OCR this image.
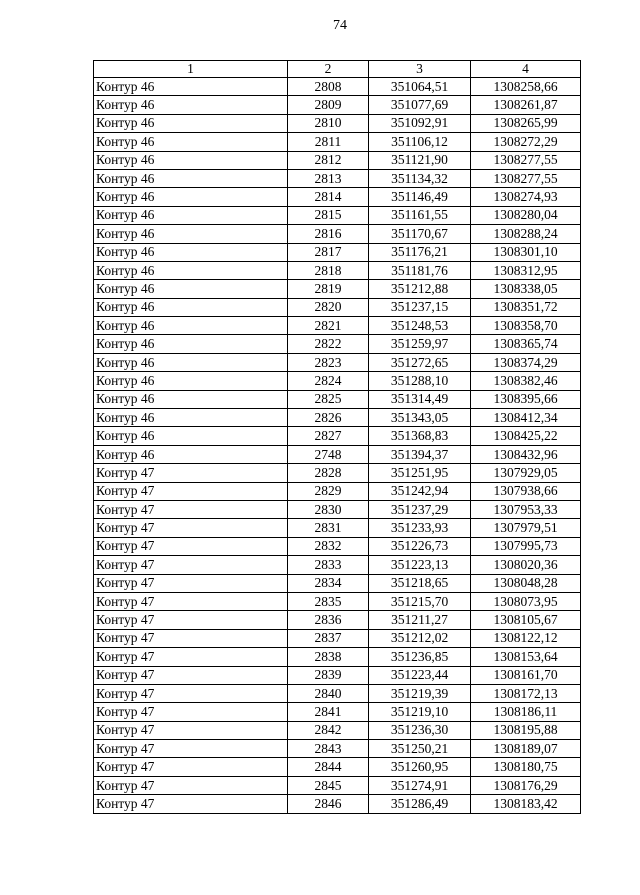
74
1	2	3	4
Контур 46	2808	351064,51	1308258,66
Контур 46	2809	351077,69	1308261,87
Контур 46	2810	351092,91	1308265,99
Контур 46	2811	351106,12	1308272,29
Контур 46	2812	351121,90	1308277,55
Контур 46	2813	351134,32	1308277,55
Контур 46	2814	351146,49	1308274,93
Контур 46	2815	351161,55	1308280,04
Контур 46	2816	351170,67	1308288,24
Контур 46	2817	351176,21	1308301,10
Контур 46	2818	351181,76	1308312,95
Контур 46	2819	351212,88	1308338,05
Контур 46	2820	351237,15	1308351,72
Контур 46	2821	351248,53	1308358,70
Контур 46	2822	351259,97	1308365,74
Контур 46	2823	351272,65	1308374,29
Контур 46	2824	351288,10	1308382,46
Контур 46	2825	351314,49	1308395,66
Контур 46	2826	351343,05	1308412,34
Контур 46	2827	351368,83	1308425,22
Контур 46	2748	351394,37	1308432,96
Контур 47	2828	351251,95	1307929,05
Контур 47	2829	351242,94	1307938,66
Контур 47	2830	351237,29	1307953,33
Контур 47	2831	351233,93	1307979,51
Контур 47	2832	351226,73	1307995,73
Контур 47	2833	351223,13	1308020,36
Контур 47	2834	351218,65	1308048,28
Контур 47	2835	351215,70	1308073,95
Контур 47	2836	351211,27	1308105,67
Контур 47	2837	351212,02	1308122,12
Контур 47	2838	351236,85	1308153,64
Контур 47	2839	351223,44	1308161,70
Контур 47	2840	351219,39	1308172,13
Контур 47	2841	351219,10	1308186,11
Контур 47	2842	351236,30	1308195,88
Контур 47	2843	351250,21	1308189,07
Контур 47	2844	351260,95	1308180,75
Контур 47	2845	351274,91	1308176,29
Контур 47	2846	351286,49	1308183,42
